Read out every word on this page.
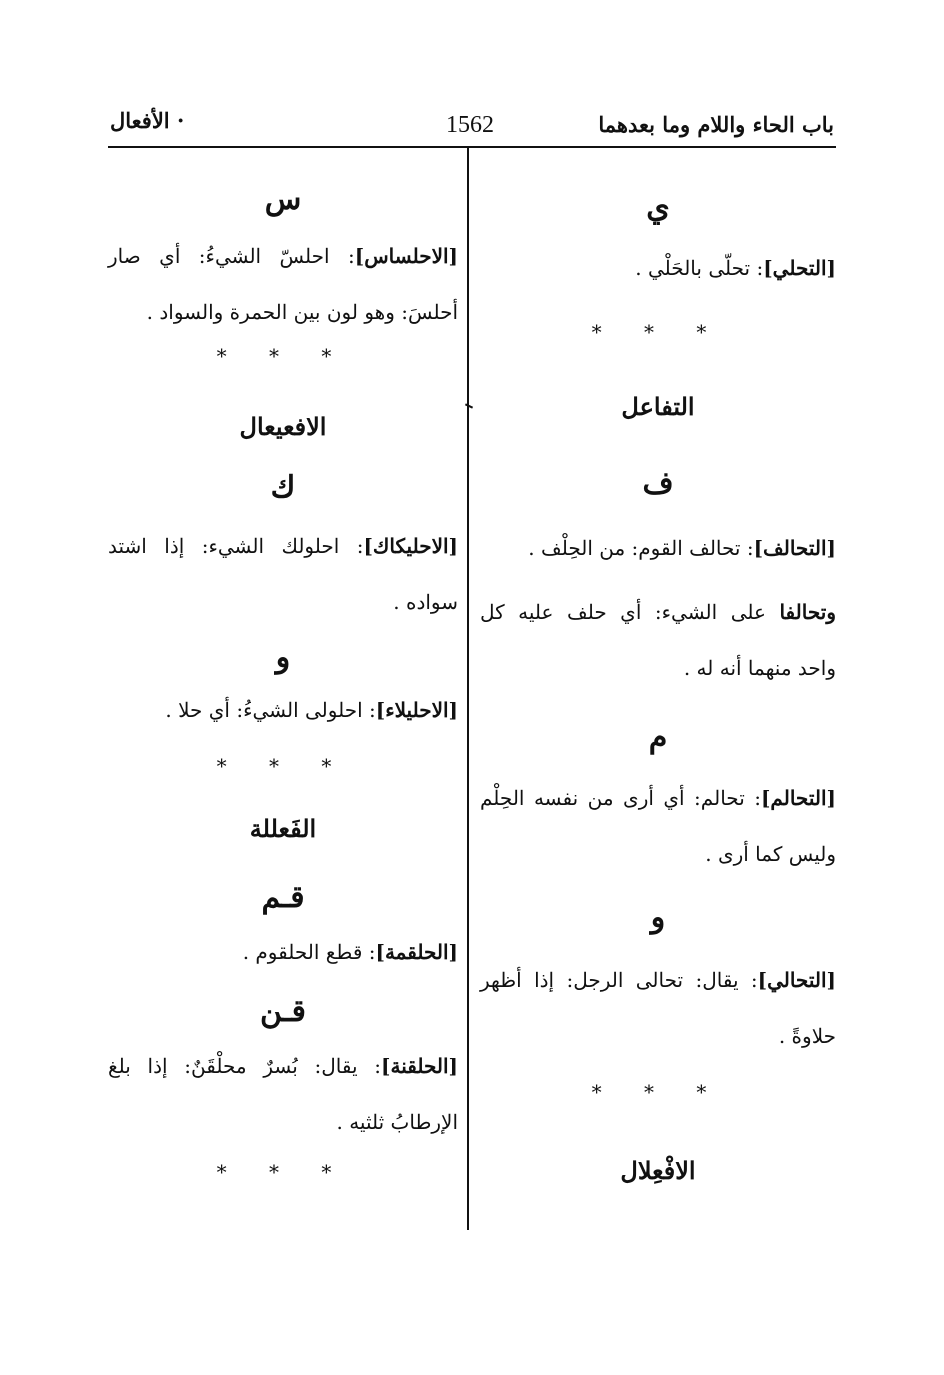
باب الحاء واللام وما بعدهما
1562
· الأفعال

ي

[التحلي]: تحلّى بالحَلْي .

* * *

التفاعل

ف

[التحالف]: تحالف القوم: من الحِلْف .

وتحالفا على الشيء: أي حلف عليه كل واحد منهما أنه له .

م

[التحالم]: تحالم: أي أرى من نفسه الحِلْم وليس كما أرى .

و

[التحالي]: يقال: تحالى الرجل: إذا أظهر حلاوةً .

* * *

الافْعِلال

س

[الاحلساس]: احلسّ الشيءُ: أي صار أحلسَ: وهو لون بين الحمرة والسواد .

* * *

الافعيعال

ك

[الاحليكاك]: احلولك الشيء: إذا اشتد سواده .

و

[الاحليلاء]: احلولى الشيءُ: أي حلا .

* * *

الفَعللة

قـم

[الحلقمة]: قطع الحلقوم .

قـن

[الحلقنة]: يقال: بُسرٌ محلْقَنٌ: إذا بلغ الإرطابُ ثلثيه .

* * *
